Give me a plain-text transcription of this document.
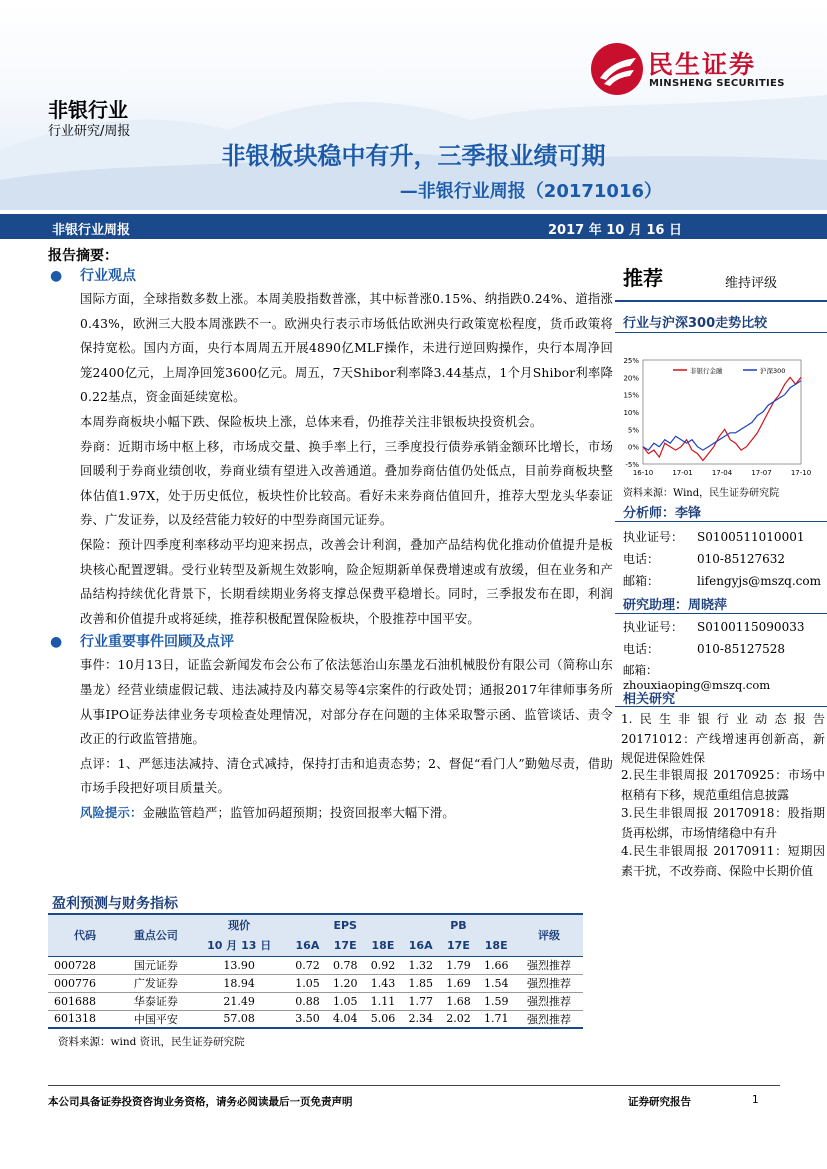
民生证券
MINSHENG SECURITIES
非银行业
行业研究/周报
非银板块稳中有升，三季报业绩可期
—非银行业周报（20171016）
非银行业周报	2017 年 10 月 16 日
报告摘要：
● 行业观点

国际方面，全球指数多数上涨。本周美股指数普涨，其中标普涨0.15%、纳指跌0.24%、道指涨0.43%，欧洲三大股本周涨跌不一。欧洲央行表示市场低估欧洲央行政策宽松程度，货币政策将保持宽松。国内方面，央行本周周五开展4890亿MLF操作，未进行逆回购操作，央行本周净回笼2400亿元，上周净回笼3600亿元。周五，7天Shibor利率降3.44基点，1个月Shibor利率降0.22基点，资金面延续宽松。

本周券商板块小幅下跌、保险板块上涨，总体来看，仍推荐关注非银板块投资机会。

券商：近期市场中枢上移，市场成交量、换手率上行，三季度投行债券承销金额环比增长，市场回暖利于券商业绩创收，券商业绩有望进入改善通道。叠加券商估值仍处低点，目前券商板块整体估值1.97X，处于历史低位，板块性价比较高。看好未来券商估值回升，推荐大型龙头华泰证券、广发证券，以及经营能力较好的中型券商国元证券。

保险：预计四季度利率移动平均迎来拐点，改善会计利润，叠加产品结构优化推动价值提升是板块核心配置逻辑。受行业转型及新规生效影响，险企短期新单保费增速或有放缓，但在业务和产品结构持续优化背景下，长期看续期业务将支撑总保费平稳增长。同时，三季报发布在即，利润改善和价值提升或将延续，推荐积极配置保险板块，个股推荐中国平安。

● 行业重要事件回顾及点评

事件：10月13日，证监会新闻发布会公布了依法惩治山东墨龙石油机械股份有限公司（简称山东墨龙）经营业绩虚假记载、违法减持及内幕交易等4宗案件的行政处罚；通报2017年律师事务所从事IPO证券法律业务专项检查处理情况，对部分存在问题的主体采取警示函、监管谈话、责令改正的行政监管措施。

点评：1、严惩违法减持、清仓式减持，保持打击和追责态势；2、督促“看门人”勤勉尽责，借助市场手段把好项目质量关。

风险提示：金融监管趋严；监管加码超预期；投资回报率大幅下滑。

推荐	维持评级
行业与沪深300走势比较
25%
20%
15%
10%
5%
0%
-5%
16-10	17-01	17-04	17-07	17-10
非银行金融	沪深300
资料来源：Wind，民生证券研究院
分析师：李锋
执业证号： S0100511010001
电话：	010-85127632
邮箱：	lifengyjs@mszq.com
研究助理：周晓萍
执业证号： S0100115090033
电话：	010-85127528
邮箱：zhouxiaoping@mszq.com
相关研究
1.民生非银行业动态报告20171012：产线增速再创新高，新规促进保险姓保
2.民生非银周报 20170925：市场中枢稍有下移，规范重组信息披露
3.民生非银周报 20170918：股指期货再松绑，市场情绪稳中有升
4.民生非银周报 20170911：短期因素干扰，不改券商、保险中长期价值
盈利预测与财务指标
代码	重点公司	现价	EPS			PB			评级
		10 月 13 日	16A	17E	18E	16A	17E	18E	
000728	国元证券	13.90	0.72	0.78	0.92	1.32	1.79	1.66	强烈推荐
000776	广发证券	18.94	1.05	1.20	1.43	1.85	1.69	1.54	强烈推荐
601688	华泰证券	21.49	0.88	1.05	1.11	1.77	1.68	1.59	强烈推荐
601318	中国平安	57.08	3.50	4.04	5.06	2.34	2.02	1.71	强烈推荐
资料来源：wind 资讯，民生证券研究院
本公司具备证券投资咨询业务资格，请务必阅读最后一页免责声明	证券研究报告	1
